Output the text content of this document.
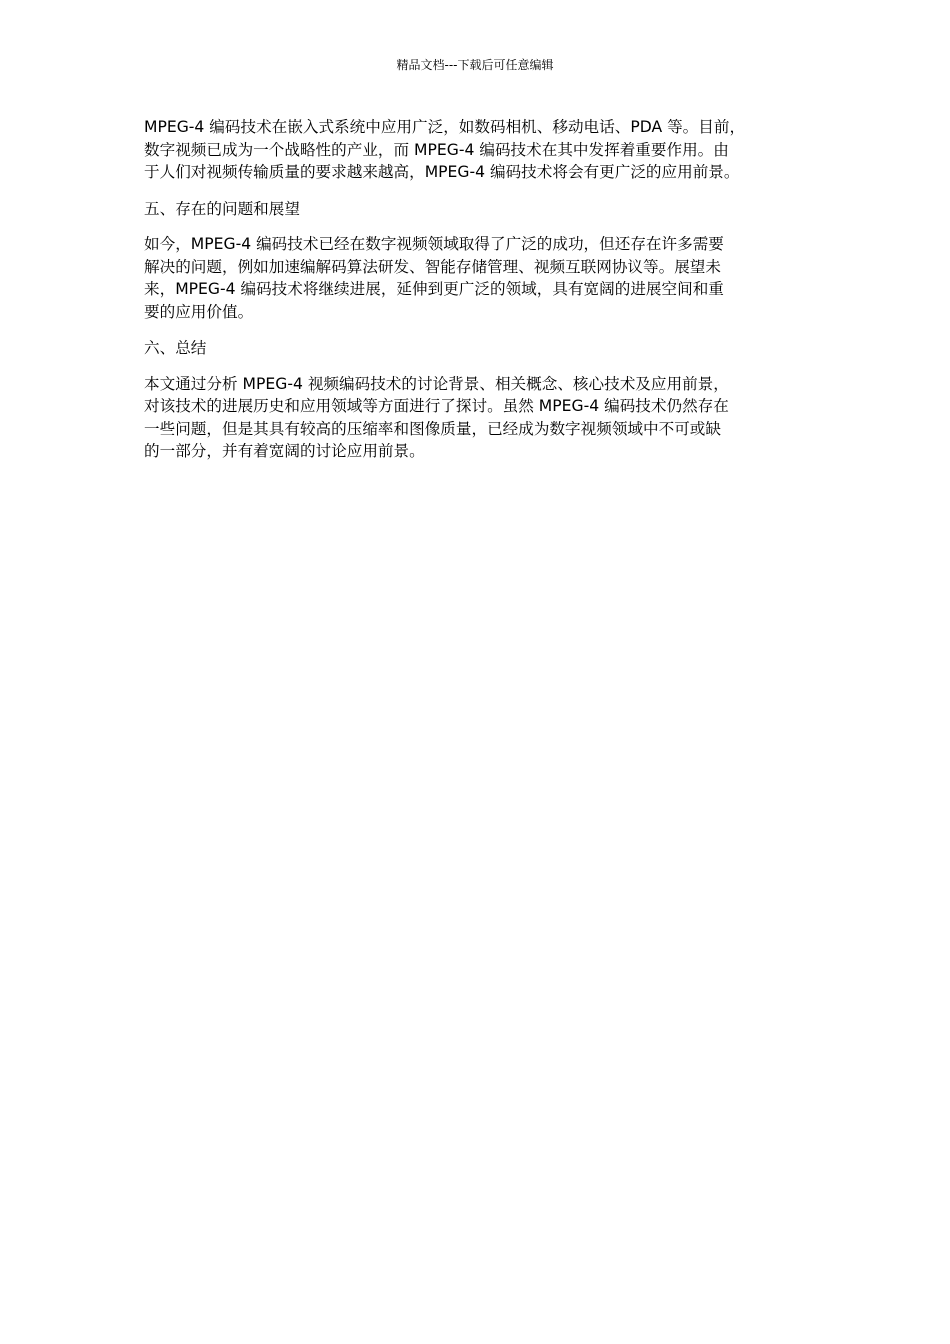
精品文档---下载后可任意编辑

MPEG-4 编码技术在嵌入式系统中应用广泛，如数码相机、移动电话、PDA 等。目前，
数字视频已成为一个战略性的产业，而 MPEG-4 编码技术在其中发挥着重要作用。由
于人们对视频传输质量的要求越来越高，MPEG-4 编码技术将会有更广泛的应用前景。

五、存在的问题和展望

如今，MPEG-4 编码技术已经在数字视频领域取得了广泛的成功，但还存在许多需要
解决的问题，例如加速编解码算法研发、智能存储管理、视频互联网协议等。展望未
来，MPEG-4 编码技术将继续进展，延伸到更广泛的领域，具有宽阔的进展空间和重
要的应用价值。

六、总结

本文通过分析 MPEG-4 视频编码技术的讨论背景、相关概念、核心技术及应用前景，
对该技术的进展历史和应用领域等方面进行了探讨。虽然 MPEG-4 编码技术仍然存在
一些问题，但是其具有较高的压缩率和图像质量，已经成为数字视频领域中不可或缺
的一部分，并有着宽阔的讨论应用前景。
